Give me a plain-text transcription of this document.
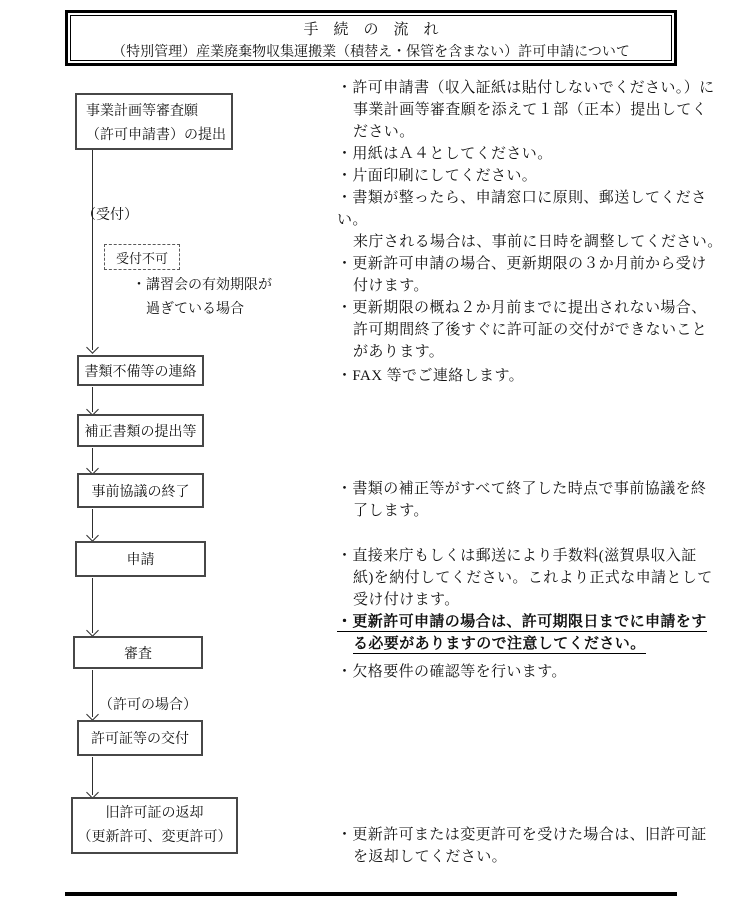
手　続　の　流　れ
（特別管理）産業廃棄物収集運搬業（積替え・保管を含まない）許可申請について
事業計画等審査願
（許可申請書）の提出
（受付）
受付不可
・講習会の有効期限が
過ぎている場合
書類不備等の連絡
補正書類の提出等
事前協議の終了
申請
審査
（許可の場合）
許可証等の交付
旧許可証の返却
（更新許可、変更許可）
・許可申請書（収入証紙は貼付しないでください。）に
事業計画等審査願を添えて１部（正本）提出してく
ださい。
・用紙はＡ４としてください。
・片面印刷にしてください。
・書類が整ったら、申請窓口に原則、郵送してくださ
い。
来庁される場合は、事前に日時を調整してください。
・更新許可申請の場合、更新期限の３か月前から受け
付けます。
・更新期限の概ね２か月前までに提出されない場合、
許可期間終了後すぐに許可証の交付ができないこと
があります。
・FAX 等でご連絡します。
・書類の補正等がすべて終了した時点で事前協議を終
了します。
・直接来庁もしくは郵送により手数料(滋賀県収入証
紙)を納付してください。これより正式な申請として
受け付けます。
・更新許可申請の場合は、許可期限日までに申請をす
る必要がありますので注意してください。
・欠格要件の確認等を行います。
・更新許可または変更許可を受けた場合は、旧許可証
を返却してください。
